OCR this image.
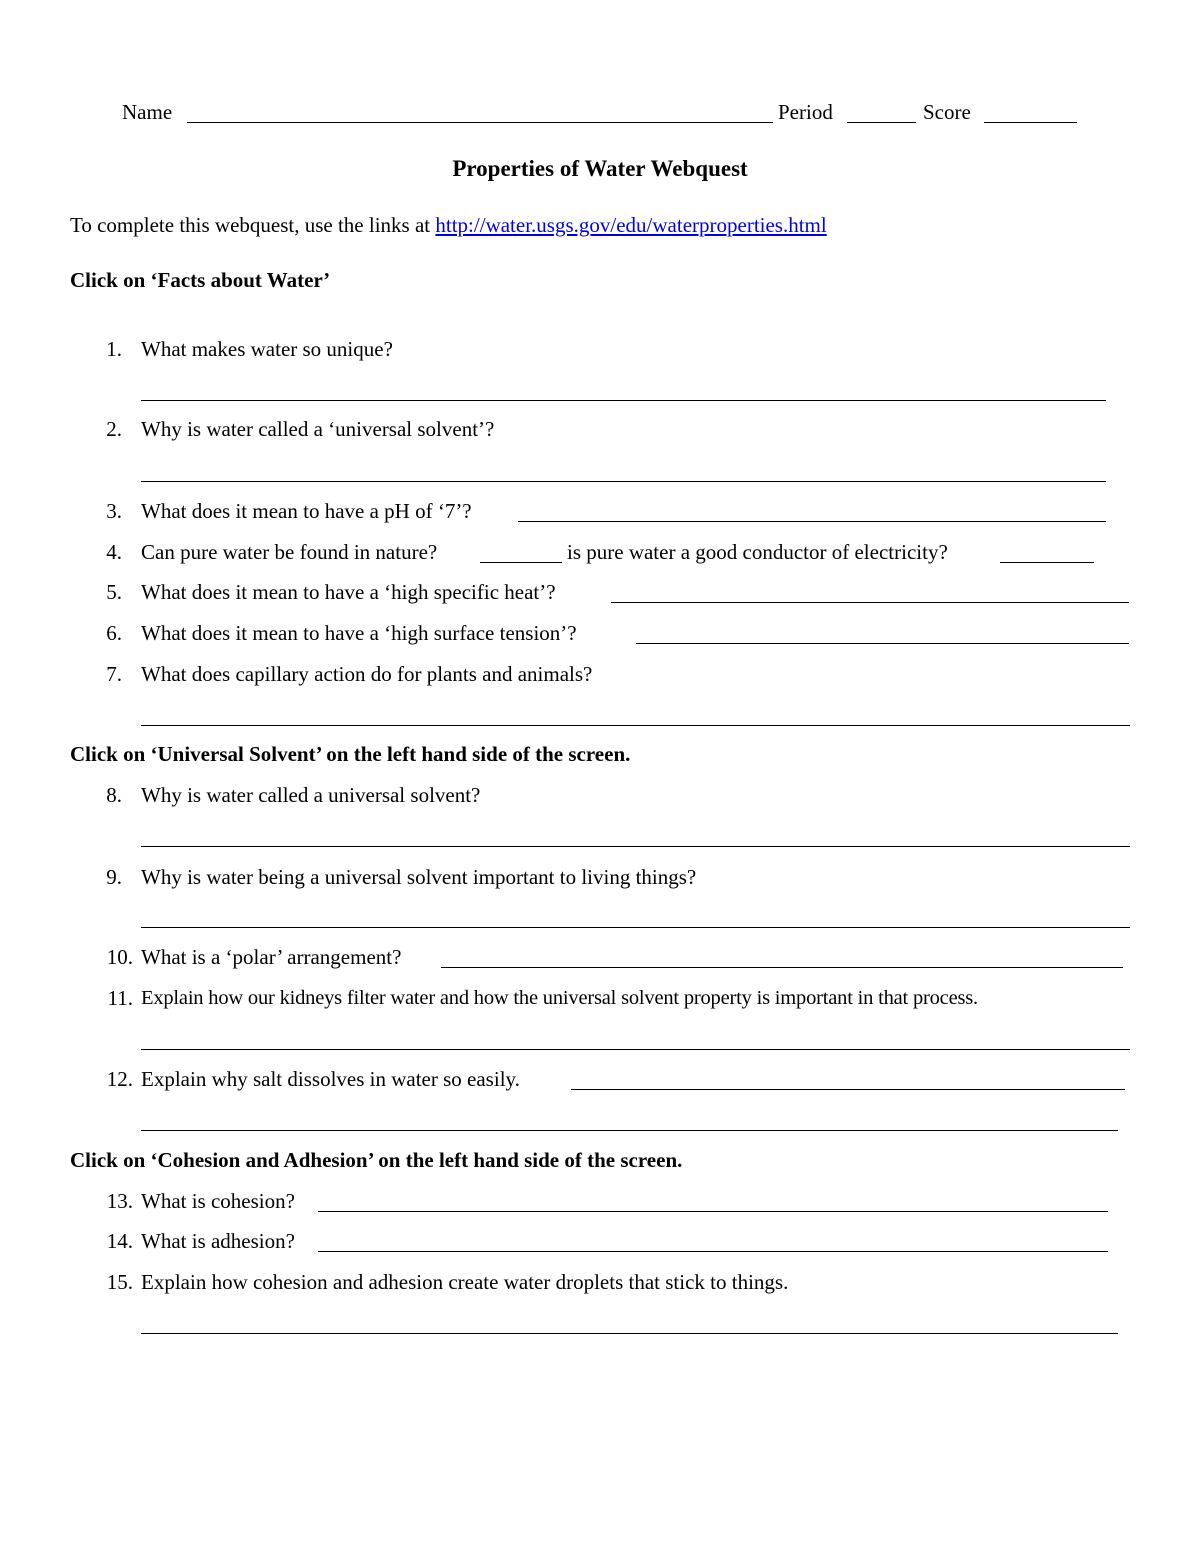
Name	Period	Score
Properties of Water Webquest
To complete this webquest, use the links at http://water.usgs.gov/edu/waterproperties.html
Click on ‘Facts about Water’
1. What makes water so unique?
2. Why is water called a ‘universal solvent’?
3. What does it mean to have a pH of ‘7’?
4. Can pure water be found in nature?	is pure water a good conductor of electricity?
5. What does it mean to have a ‘high specific heat’?
6. What does it mean to have a ‘high surface tension’?
7. What does capillary action do for plants and animals?
Click on ‘Universal Solvent’ on the left hand side of the screen.
8. Why is water called a universal solvent?
9. Why is water being a universal solvent important to living things?
10. What is a ‘polar’ arrangement?
11. Explain how our kidneys filter water and how the universal solvent property is important in that process.
12. Explain why salt dissolves in water so easily.
Click on ‘Cohesion and Adhesion’ on the left hand side of the screen.
13. What is cohesion?
14. What is adhesion?
15. Explain how cohesion and adhesion create water droplets that stick to things.
